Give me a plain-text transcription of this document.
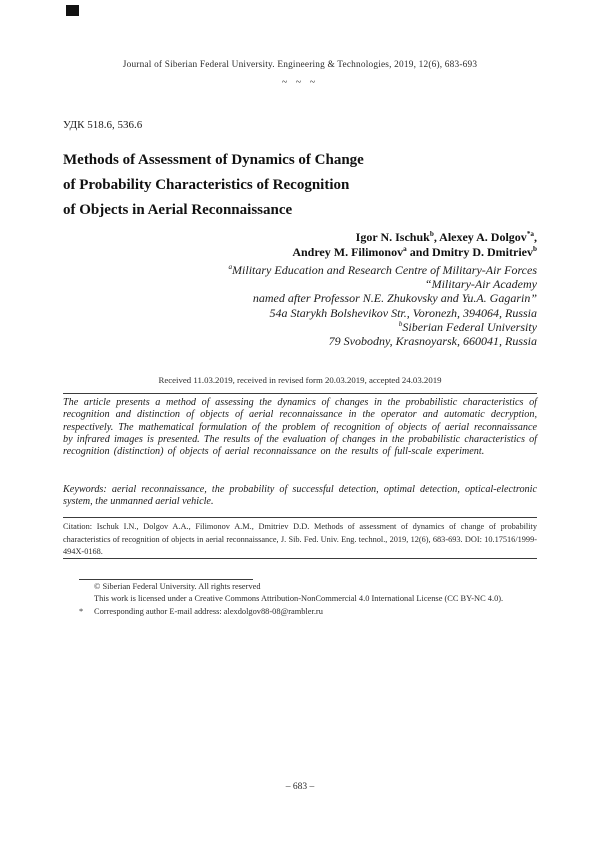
Journal of Siberian Federal University. Engineering & Technologies, 2019, 12(6), 683-693
~ ~ ~
УДК 518.6, 536.6
Methods of Assessment of Dynamics of Change
of Probability Characteristics of Recognition
of Objects in Aerial Reconnaissance
Igor N. Ischuk$^b$, Alexey A. Dolgov$^{*a}$,
Andrey M. Filimonov$^a$ and Dmitry D. Dmitriev$^b$
$^a$Military Education and Research Centre of Military-Air Forces
“Military-Air Academy
named after Professor N.E. Zhukovsky and Yu.A. Gagarin”
54a Starykh Bolshevikov Str., Voronezh, 394064, Russia
$^b$Siberian Federal University
79 Svobodny, Krasnoyarsk, 660041, Russia
Received 11.03.2019, received in revised form 20.03.2019, accepted 24.03.2019
The article presents a method of assessing the dynamics of changes in the probabilistic characteristics of recognition and distinction of objects of aerial reconnaissance in the operator and automatic decryption, respectively. The mathematical formulation of the problem of recognition of objects of aerial reconnaissance by infrared images is presented. The results of the evaluation of changes in the probabilistic characteristics of recognition (distinction) of objects of aerial reconnaissance on the results of full-scale experiment.
Keywords: aerial reconnaissance, the probability of successful detection, optimal detection, optical-electronic system, the unmanned aerial vehicle.
Citation: Ischuk I.N., Dolgov A.A., Filimonov A.M., Dmitriev D.D. Methods of assessment of dynamics of change of probability characteristics of recognition of objects in aerial reconnaissance, J. Sib. Fed. Univ. Eng. technol., 2019, 12(6), 683-693. DOI: 10.17516/1999-494X-0168.
© Siberian Federal University. All rights reserved
This work is licensed under a Creative Commons Attribution-NonCommercial 4.0 International License (CC BY-NC 4.0).
* Corresponding author E-mail address: alexdolgov88-08@rambler.ru
– 683 –
